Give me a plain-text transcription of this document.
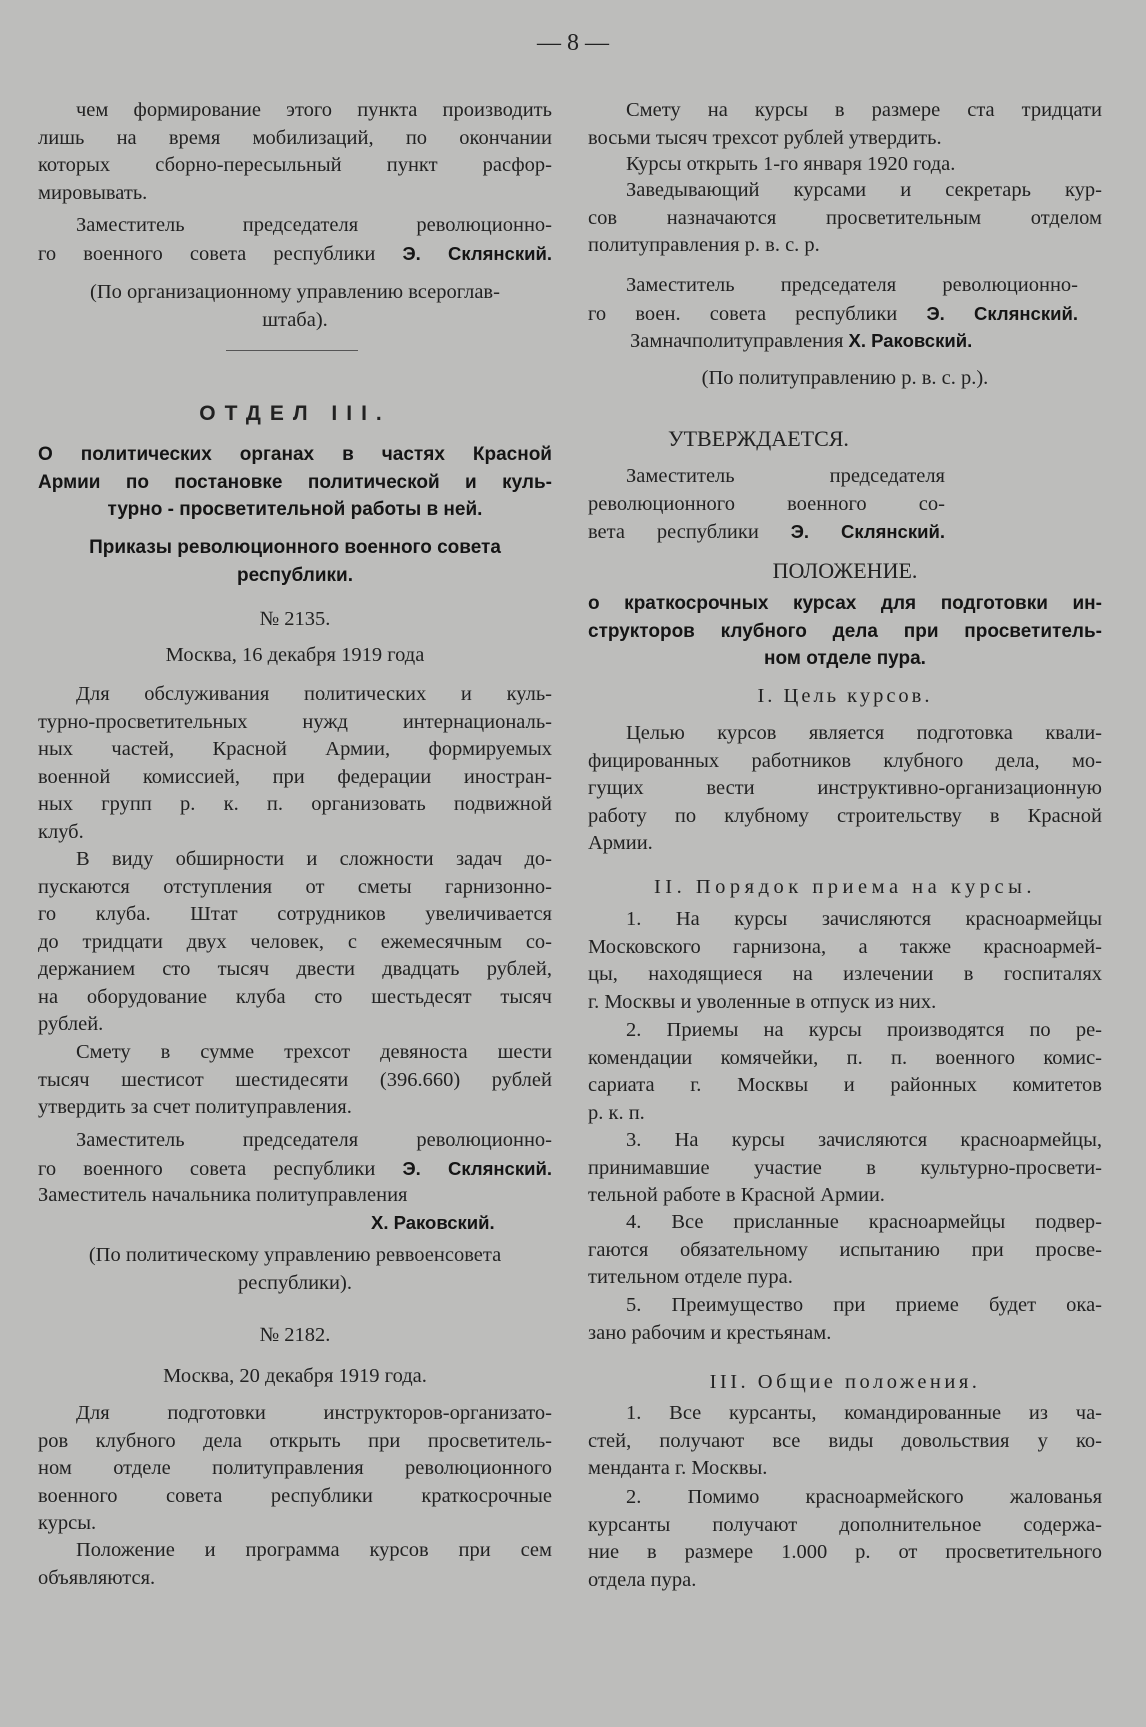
— 8 —
чем формирование этого пункта производить
лишь на время мобилизаций, по окончании
которых сборно-пересыльный пункт расфор-
мировывать.
Заместитель председателя революционно-
го военного совета республики Э. Склянский.
(По организационному управлению всероглав-
штаба).
ОТДЕЛ III.
О политических органах в частях Красной
Армии по постановке политической и куль-
турно - просветительной работы в ней.
Приказы революционного военного совета
республики.
№ 2135.
Москва, 16 декабря 1919 года
Для обслуживания политических и куль-
турно-просветительных нужд интернациональ-
ных частей, Красной Армии, формируемых
военной комиссией, при федерации иностран-
ных групп р. к. п. организовать подвижной
клуб.
В виду обширности и сложности задач до-
пускаются отступления от сметы гарнизонно-
го клуба. Штат сотрудников увеличивается
до тридцати двух человек, с ежемесячным со-
держанием сто тысяч двести двадцать рублей,
на оборудование клуба сто шестьдесят тысяч
рублей.
Смету в сумме трехсот девяноста шести
тысяч шестисот шестидесяти (396.660) рублей
утвердить за счет политуправления.
Заместитель председателя революционно-
го военного совета республики Э. Склянский.
Заместитель начальника политуправления
Х. Раковский.
(По политическому управлению реввоенсовета
республики).
№ 2182.
Москва, 20 декабря 1919 года.
Для подготовки инструкторов-организато-
ров клубного дела открыть при просветитель-
ном отделе политуправления революционного
военного совета республики краткосрочные
курсы.
Положение и программа курсов при сем
объявляются.
Смету на курсы в размере ста тридцати
восьми тысяч трехсот рублей утвердить.
Курсы открыть 1-го января 1920 года.
Заведывающий курсами и секретарь кур-
сов назначаются просветительным отделом
политуправления р. в. с. р.
Заместитель председателя революционно-
го воен. совета республики Э. Склянский.
Замначполитуправления Х. Раковский.
(По политуправлению р. в. с. р.).
УТВЕРЖДАЕТСЯ.
Заместитель председателя
революционного военного со-
вета республики Э. Склянский.
ПОЛОЖЕНИЕ.
о краткосрочных курсах для подготовки ин-
структоров клубного дела при просветитель-
ном отделе пура.
I. Цель курсов.
Целью курсов является подготовка квали-
фицированных работников клубного дела, мо-
гущих вести инструктивно-организационную
работу по клубному строительству в Красной
Армии.
II. Порядок приема на курсы.
1. На курсы зачисляются красноармейцы
Московского гарнизона, а также красноармей-
цы, находящиеся на излечении в госпиталях
г. Москвы и уволенные в отпуск из них.
2. Приемы на курсы производятся по ре-
комендации комячейки, п. п. военного комис-
сариата г. Москвы и районных комитетов
р. к. п.
3. На курсы зачисляются красноармейцы,
принимавшие участие в культурно-просвети-
тельной работе в Красной Армии.
4. Все присланные красноармейцы подвер-
гаются обязательному испытанию при просве-
тительном отделе пура.
5. Преимущество при приеме будет ока-
зано рабочим и крестьянам.
III. Общие положения.
1. Все курсанты, командированные из ча-
стей, получают все виды довольствия у ко-
менданта г. Москвы.
2. Помимо красноармейского жалованья
курсанты получают дополнительное содержа-
ние в размере 1.000 р. от просветительного
отдела пура.
